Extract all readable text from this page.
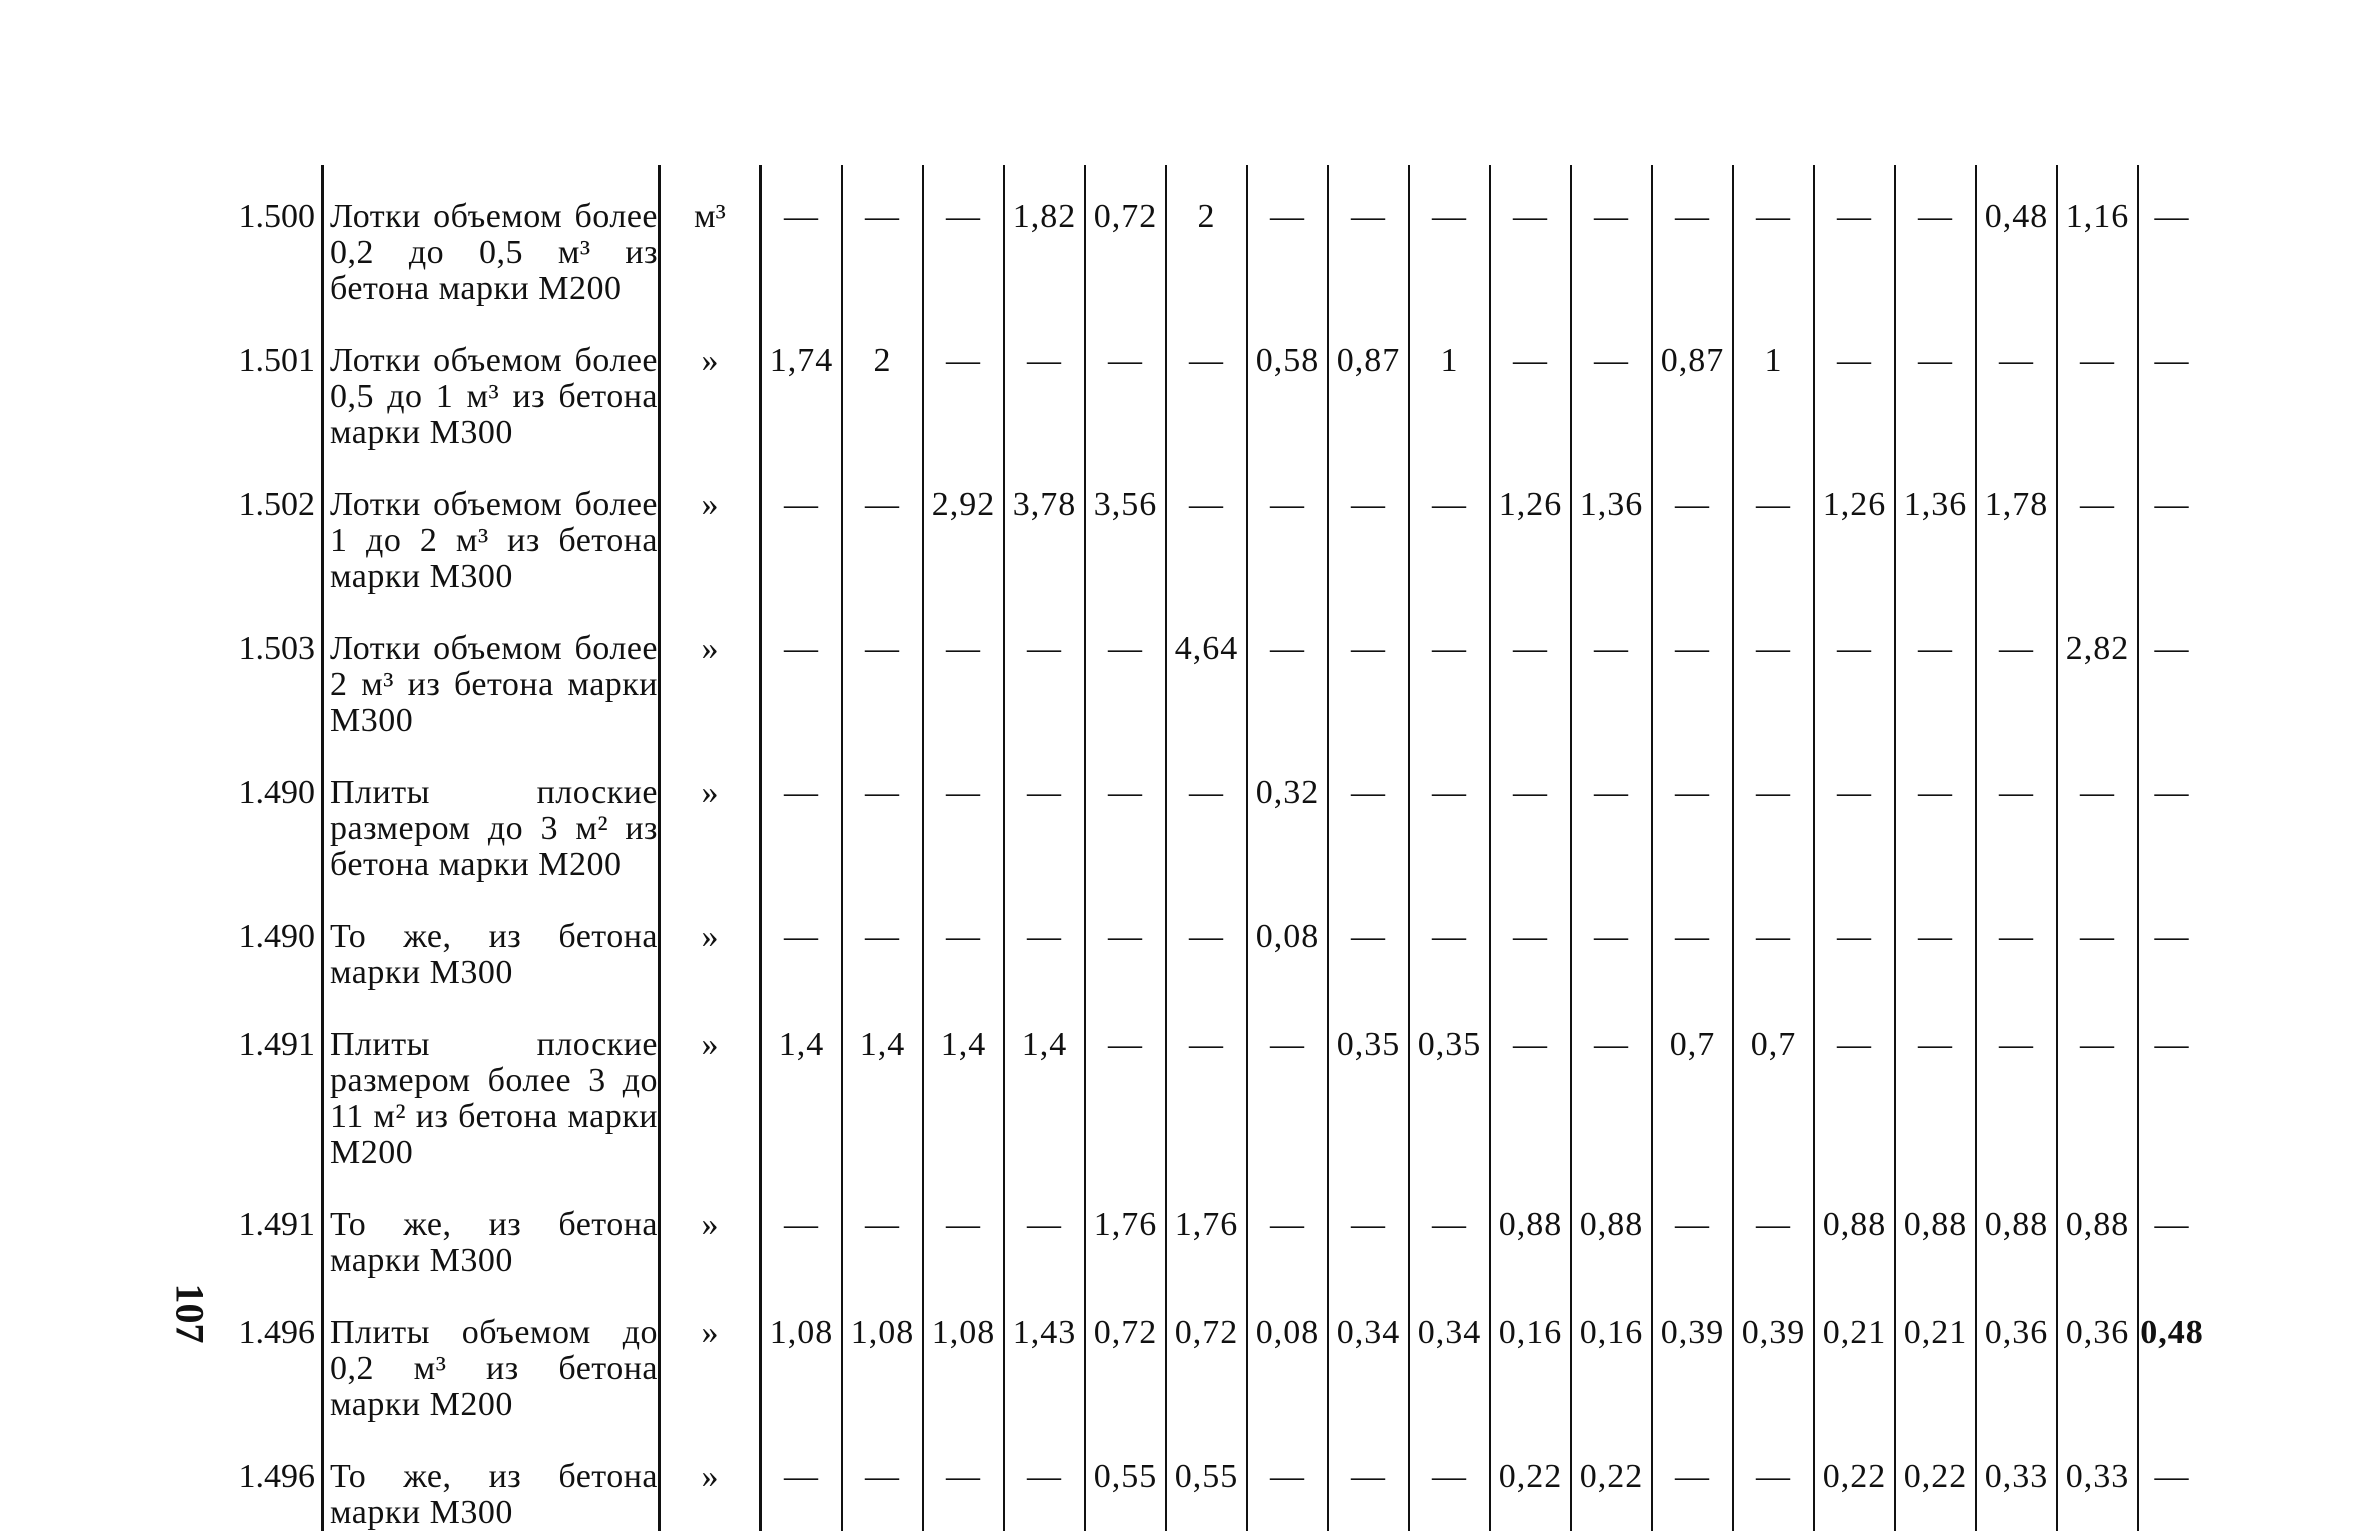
1.500	Лотки объемом более 0,2 до 0,5 м³ из бетона марки М200	м³	—	—	—	1,82	0,72	2	—	—	—	—	—	—	—	—	—	0,48	1,16	—
1.501	Лотки объемом более 0,5 до 1 м³ из бетона марки М300	»	1,74	2	—	—	—	—	0,58	0,87	1	—	—	0,87	1	—	—	—	—	—
1.502	Лотки объемом более 1 до 2 м³ из бетона марки М300	»	—	—	2,92	3,78	3,56	—	—	—	—	1,26	1,36	—	—	1,26	1,36	1,78	—	—
1.503	Лотки объемом более 2 м³ из бетона марки М300	»	—	—	—	—	—	4,64	—	—	—	—	—	—	—	—	—	—	2,82	—
1.490	Плиты плоские размером до 3 м² из бетона марки М200	»	—	—	—	—	—	—	0,32	—	—	—	—	—	—	—	—	—	—	—
1.490	То же, из бетона марки М300	»	—	—	—	—	—	—	0,08	—	—	—	—	—	—	—	—	—	—	—
1.491	Плиты плоские размером более 3 до 11 м² из бетона марки М200	»	1,4	1,4	1,4	1,4	—	—	—	0,35	0,35	—	—	0,7	0,7	—	—	—	—	—
1.491	То же, из бетона марки М300	»	—	—	—	—	1,76	1,76	—	—	—	0,88	0,88	—	—	0,88	0,88	0,88	0,88	—
1.496	Плиты объемом до 0,2 м³ из бетона марки М200	»	1,08	1,08	1,08	1,43	0,72	0,72	0,08	0,34	0,34	0,16	0,16	0,39	0,39	0,21	0,21	0,36	0,36	0,48
1.496	То же, из бетона марки М300	»	—	—	—	—	0,55	0,55	—	—	—	0,22	0,22	—	—	0,22	0,22	0,33	0,33	—
107
